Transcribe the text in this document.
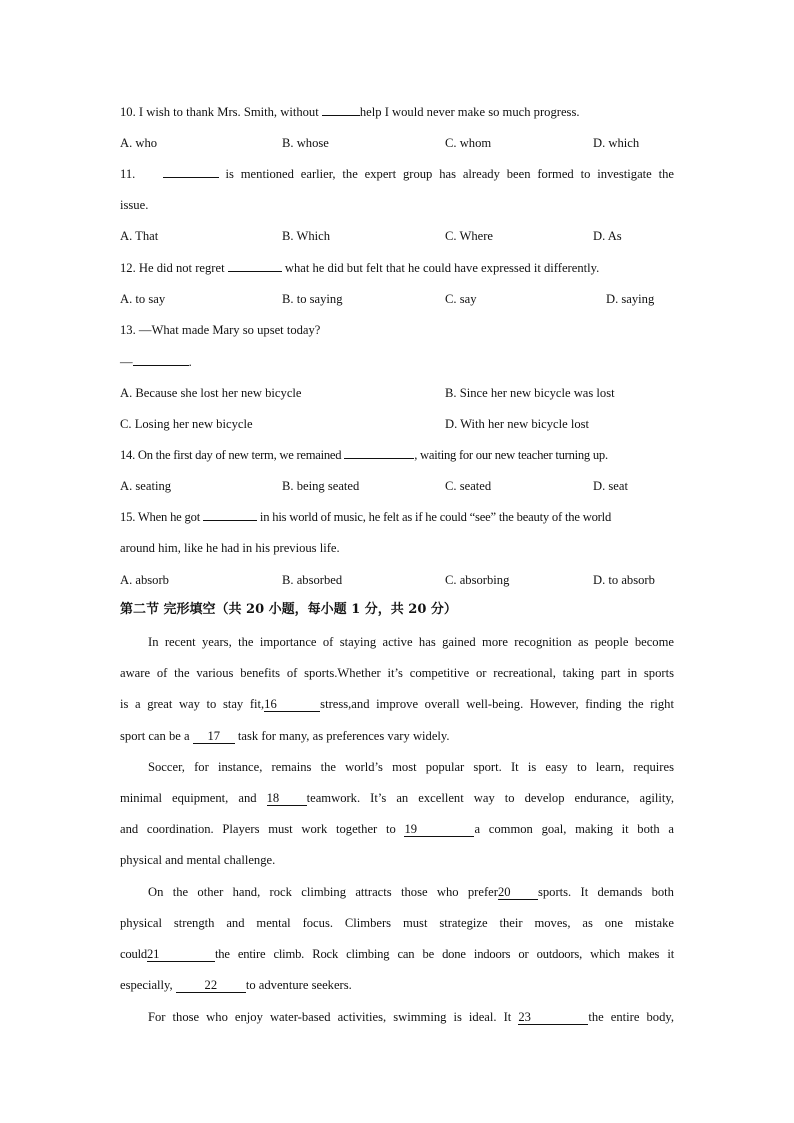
10. I wish to thank Mrs. Smith, without	help I would never make so much progress.
A. who	B. whose	C. whom	D. which
11.	is mentioned earlier, the expert group has already been formed to investigate the
issue.
A. That	B. Which	C. Where	D. As
12. He did not regret	what he did but felt that he could have expressed it differently.
A. to say	B. to saying	C. say	D. saying
13. —What made Mary so upset today?
—	.
A. Because she lost her new bicycle	B. Since her new bicycle was lost
C. Losing her new bicycle	D. With her new bicycle lost
14. On the first day of new term, we remained	, waiting for our new teacher turning up.
A. seating	B. being seated	C. seated	D. seat
15. When he got	in his world of music, he felt as if he could “see” the beauty of the world
around him, like he had in his previous life.
A. absorb	B. absorbed	C. absorbing	D. to absorb
第二节 完形填空（共 20 小题，每小题 1 分，共 20 分）
In recent years, the importance of staying active has gained more recognition as people become
aware of the various benefits of sports.Whether it’s competitive or recreational, taking part in sports
is a great way to stay fit,16	stress,and improve overall well-being. However, finding the right
sport can be a 17 task for many, as preferences vary widely.
Soccer, for instance, remains the world’s most popular sport. It is easy to learn, requires
minimal equipment, and 18 teamwork. It’s an excellent way to develop endurance, agility,
and coordination. Players must work together to 19	a common goal, making it both a
physical and mental challenge.
On the other hand, rock climbing attracts those who prefer20 sports. It demands both
physical strength and mental focus. Climbers must strategize their moves, as one mistake
could21	the entire climb. Rock climbing can be done indoors or outdoors, which makes it
especially, 22 to adventure seekers.
For those who enjoy water-based activities, swimming is ideal. It 23	the entire body,
